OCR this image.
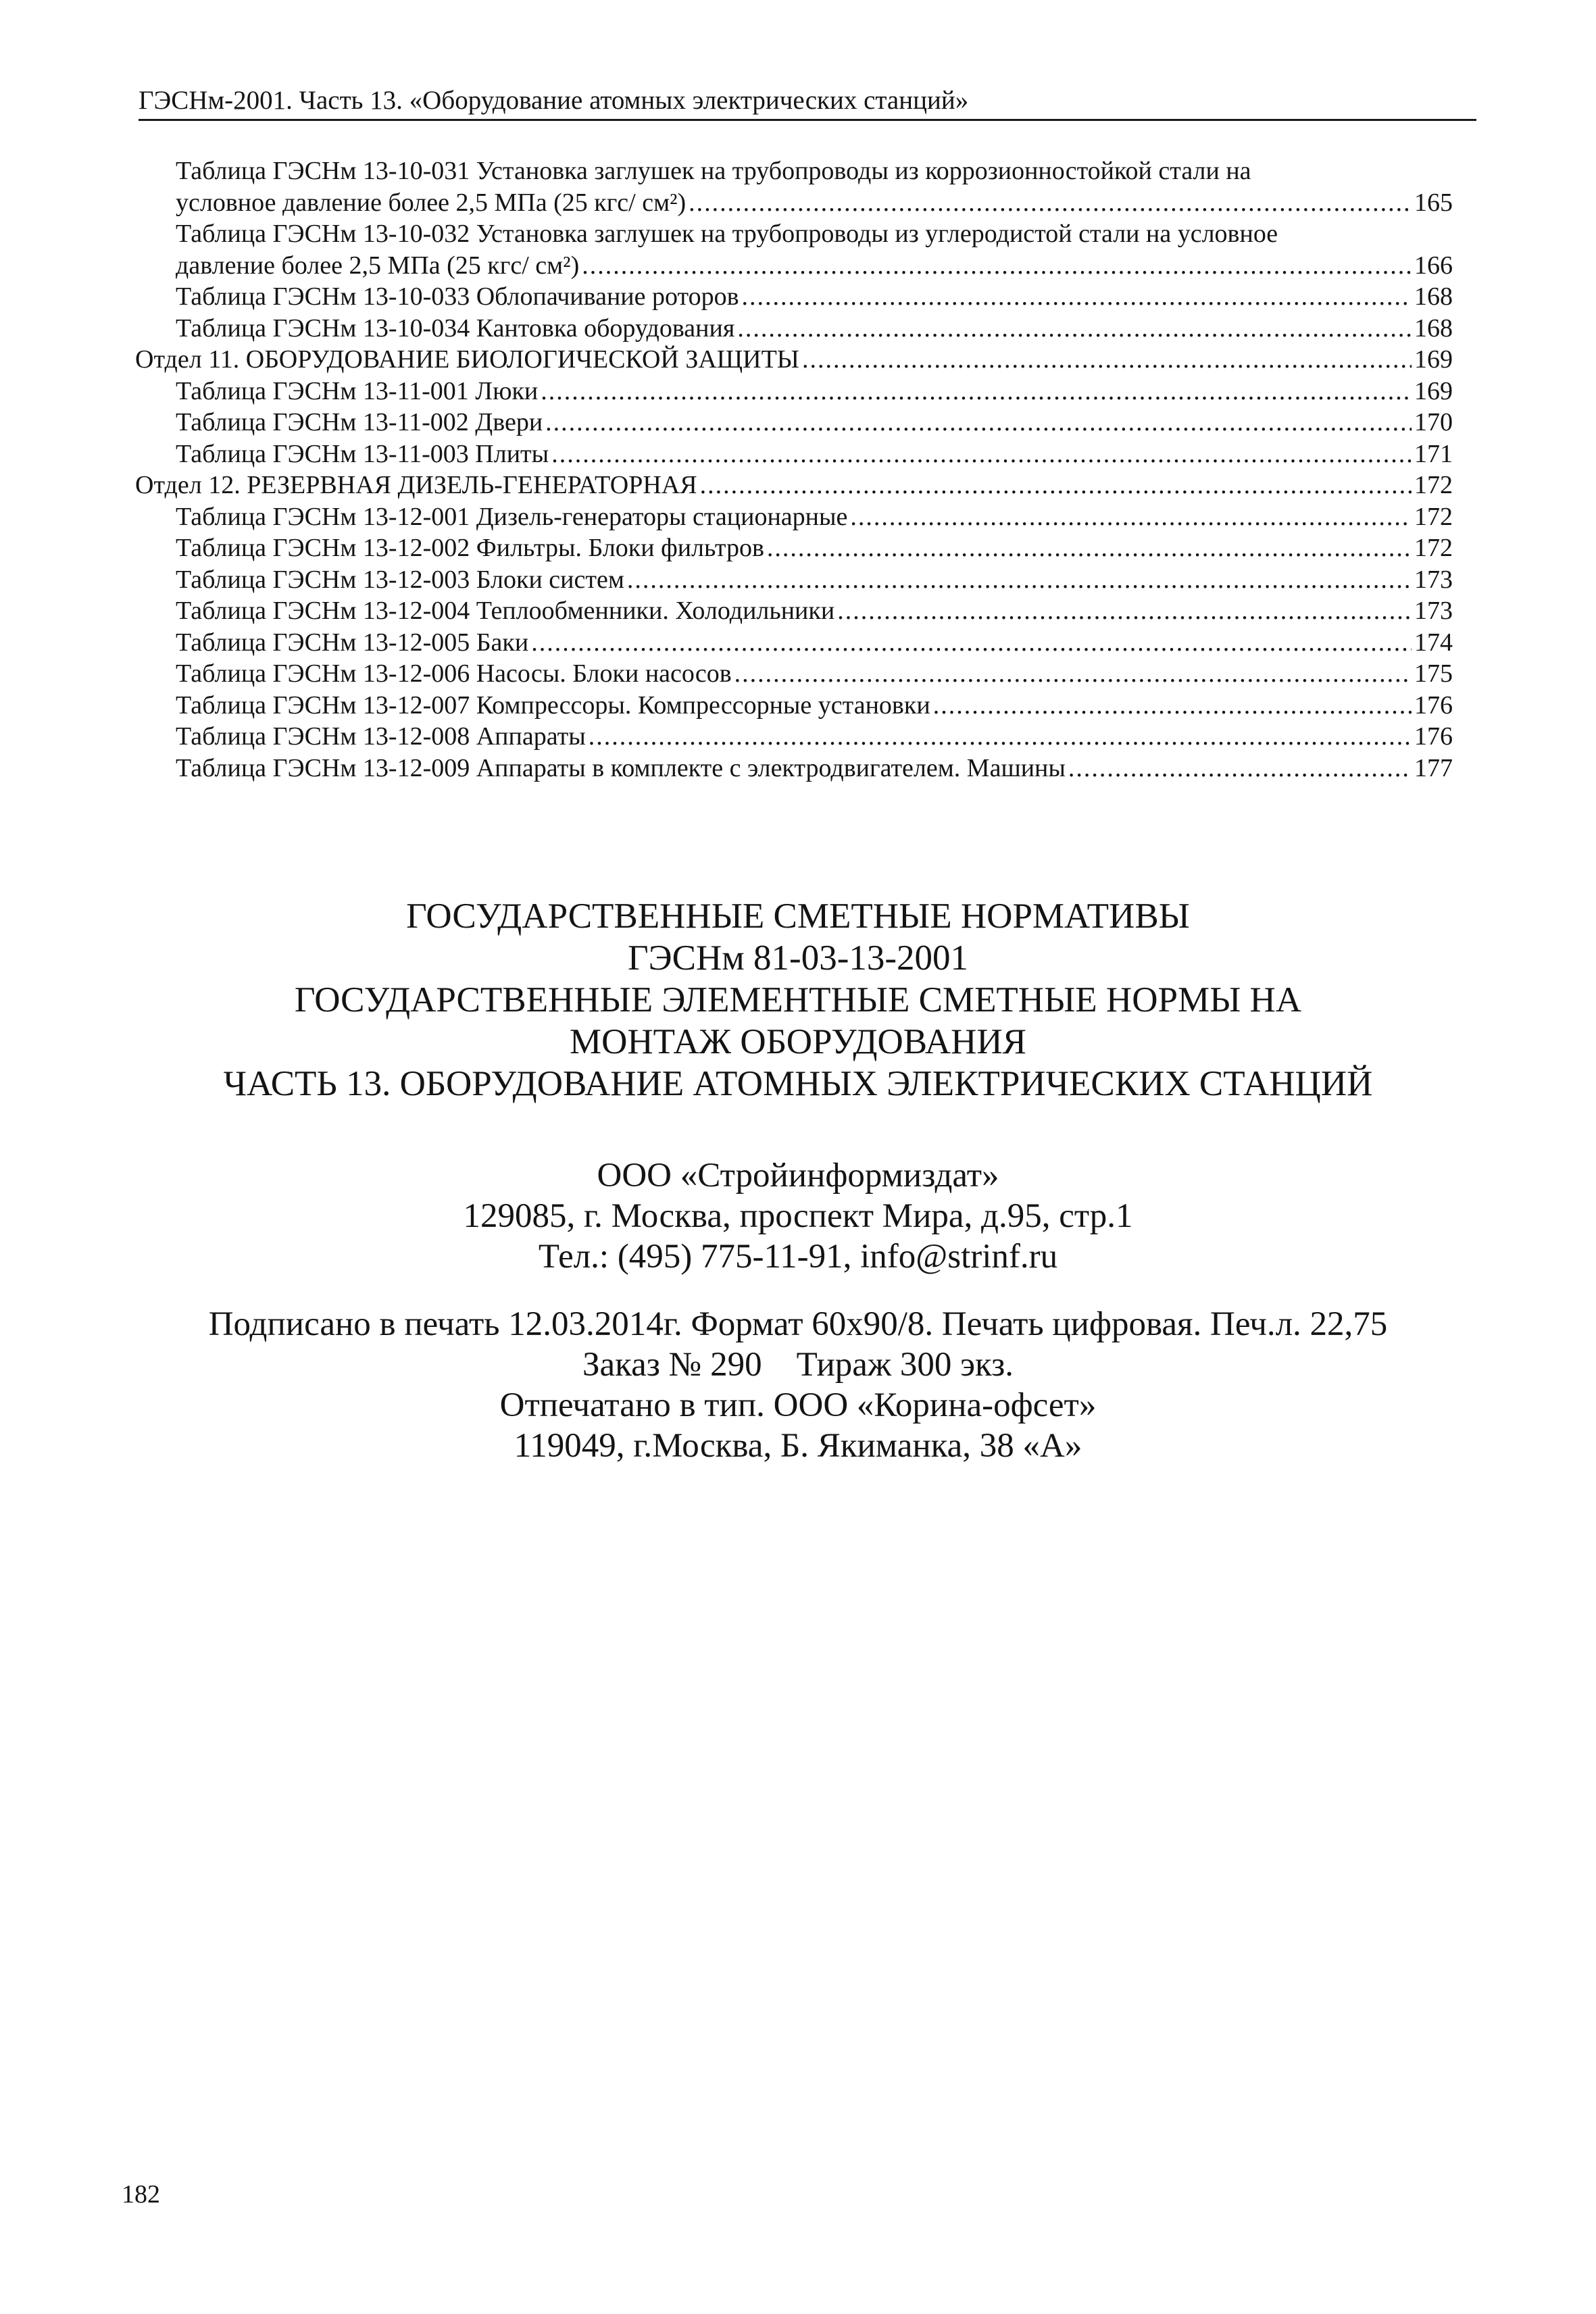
ГЭСНм-2001. Часть 13. «Оборудование атомных электрических станций»
Таблица ГЭСНм 13-10-031 Установка заглушек на трубопроводы из коррозионностойкой стали на
условное давление более 2,5 МПа (25 кгс/ см²) .....	165
Таблица ГЭСНм 13-10-032 Установка заглушек на трубопроводы из углеродистой стали на условное
давление более 2,5 МПа (25 кгс/ см²) .....	166
Таблица ГЭСНм 13-10-033 Облопачивание роторов .....	168
Таблица ГЭСНм 13-10-034 Кантовка оборудования .....	168
Отдел 11. ОБОРУДОВАНИЕ БИОЛОГИЧЕСКОЙ ЗАЩИТЫ .....	169
Таблица ГЭСНм 13-11-001 Люки .....	169
Таблица ГЭСНм 13-11-002 Двери .....	170
Таблица ГЭСНм 13-11-003 Плиты .....	171
Отдел 12. РЕЗЕРВНАЯ ДИЗЕЛЬ-ГЕНЕРАТОРНАЯ .....	172
Таблица ГЭСНм 13-12-001 Дизель-генераторы стационарные .....	172
Таблица ГЭСНм 13-12-002 Фильтры. Блоки фильтров .....	172
Таблица ГЭСНм 13-12-003 Блоки систем .....	173
Таблица ГЭСНм 13-12-004 Теплообменники. Холодильники .....	173
Таблица ГЭСНм 13-12-005 Баки .....	174
Таблица ГЭСНм 13-12-006 Насосы. Блоки насосов .....	175
Таблица ГЭСНм 13-12-007 Компрессоры. Компрессорные установки .....	176
Таблица ГЭСНм 13-12-008 Аппараты .....	176
Таблица ГЭСНм 13-12-009 Аппараты в комплекте с электродвигателем. Машины .....	177
ГОСУДАРСТВЕННЫЕ СМЕТНЫЕ НОРМАТИВЫ
ГЭСНм 81-03-13-2001
ГОСУДАРСТВЕННЫЕ ЭЛЕМЕНТНЫЕ СМЕТНЫЕ НОРМЫ НА
МОНТАЖ ОБОРУДОВАНИЯ
ЧАСТЬ 13. ОБОРУДОВАНИЕ АТОМНЫХ ЭЛЕКТРИЧЕСКИХ СТАНЦИЙ
ООО «Стройинформиздат»
129085, г. Москва, проспект Мира, д.95, стр.1
Тел.: (495) 775-11-91, info@strinf.ru
Подписано в печать 12.03.2014г. Формат 60х90/8. Печать цифровая. Печ.л. 22,75
Заказ № 290    Тираж 300 экз.
Отпечатано в тип. ООО «Корина-офсет»
119049, г.Москва, Б. Якиманка, 38 «А»
182
